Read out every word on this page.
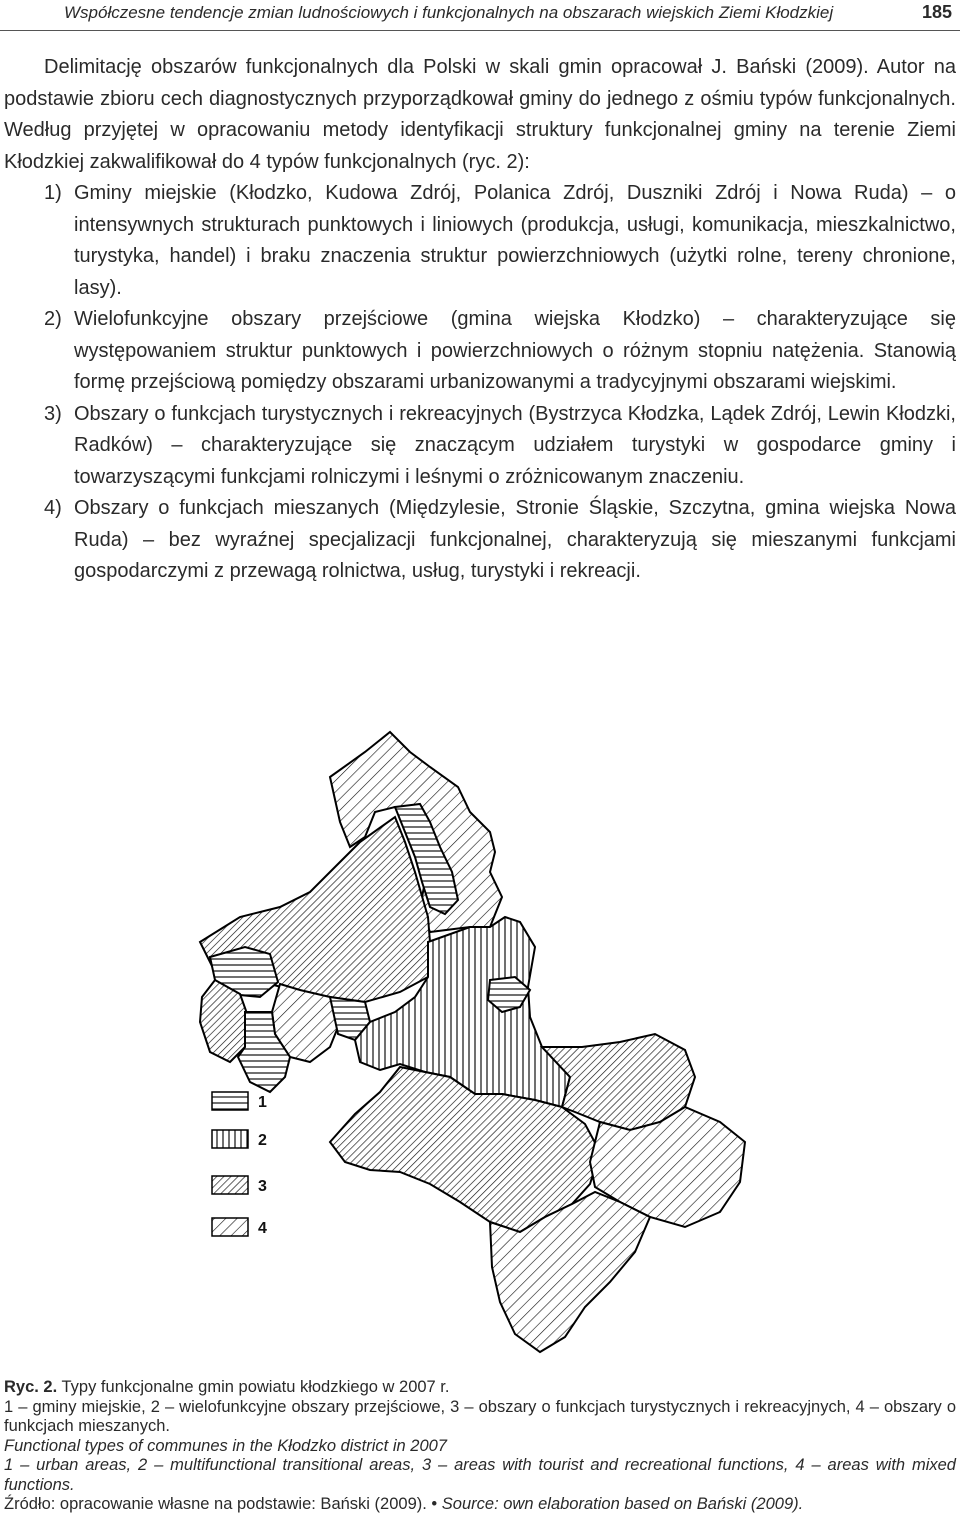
Współczesne tendencje zmian ludnościowych i funkcjonalnych na obszarach wiejskich Ziemi Kłodzkiej	185

Delimitację obszarów funkcjonalnych dla Polski w skali gmin opracował J. Bański (2009). Autor na podstawie zbioru cech diagnostycznych przyporządkował gminy do jednego z ośmiu typów funkcjonalnych. Według przyjętej w opracowaniu metody identyfikacji struktury funkcjonalnej gminy na terenie Ziemi Kłodzkiej zakwalifikował do 4 typów funkcjonalnych (ryc. 2):

1) Gminy miejskie (Kłodzko, Kudowa Zdrój, Polanica Zdrój, Duszniki Zdrój i Nowa Ruda) – o intensywnych strukturach punktowych i liniowych (produkcja, usługi, komunikacja, mieszkalnictwo, turystyka, handel) i braku znaczenia struktur powierzchniowych (użytki rolne, tereny chronione, lasy).
2) Wielofunkcyjne obszary przejściowe (gmina wiejska Kłodzko) – charakteryzujące się występowaniem struktur punktowych i powierzchniowych o różnym stopniu natężenia. Stanowią formę przejściową pomiędzy obszarami urbanizowanymi a tradycyjnymi obszarami wiejskimi.
3) Obszary o funkcjach turystycznych i rekreacyjnych (Bystrzyca Kłodzka, Lądek Zdrój, Lewin Kłodzki, Radków) – charakteryzujące się znaczącym udziałem turystyki w gospodarce gminy i towarzyszącymi funkcjami rolniczymi i leśnymi o zróżnicowanym znaczeniu.
4) Obszary o funkcjach mieszanych (Międzylesie, Stronie Śląskie, Szczytna, gmina wiejska Nowa Ruda) – bez wyraźnej specjalizacji funkcjonalnej, charakteryzują się mieszanymi funkcjami gospodarczymi z przewagą rolnictwa, usług, turystyki i rekreacji.
1
2
3
4
Ryc. 2. Typy funkcjonalne gmin powiatu kłodzkiego w 2007 r.
1 – gminy miejskie, 2 – wielofunkcyjne obszary przejściowe, 3 – obszary o funkcjach turystycznych i rekreacyjnych, 4 – obszary o funkcjach mieszanych.
Functional types of communes in the Kłodzko district in 2007
1 – urban areas, 2 – multifunctional transitional areas, 3 – areas with tourist and recreational functions, 4 – areas with mixed functions.
Źródło: opracowanie własne na podstawie: Bański (2009). • Source: own elaboration based on Bański (2009).
